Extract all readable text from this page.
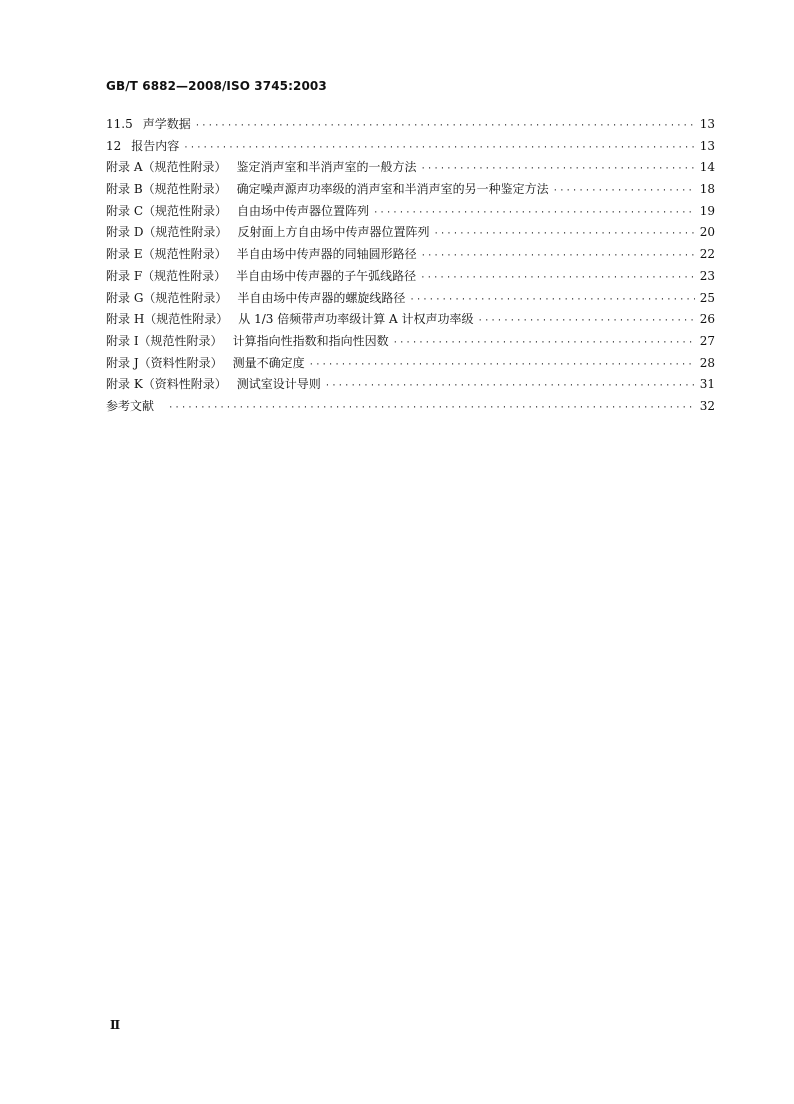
GB/T 6882—2008/ISO 3745:2003
11.5 声学数据 ·····	13
12 报告内容 ·····	13
附录 A（规范性附录） 鉴定消声室和半消声室的一般方法 ·····	14
附录 B（规范性附录） 确定噪声源声功率级的消声室和半消声室的另一种鉴定方法 ·····	18
附录 C（规范性附录） 自由场中传声器位置阵列 ·····	19
附录 D（规范性附录） 反射面上方自由场中传声器位置阵列 ·····	20
附录 E（规范性附录） 半自由场中传声器的同轴圆形路径 ·····	22
附录 F（规范性附录） 半自由场中传声器的子午弧线路径 ·····	23
附录 G（规范性附录） 半自由场中传声器的螺旋线路径 ·····	25
附录 H（规范性附录） 从 1/3 倍频带声功率级计算 A 计权声功率级 ·····	26
附录 I（规范性附录） 计算指向性指数和指向性因数 ·····	27
附录 J（资料性附录） 测量不确定度 ·····	28
附录 K（资料性附录） 测试室设计导则 ·····	31
参考文献 ·····	32
Ⅱ
